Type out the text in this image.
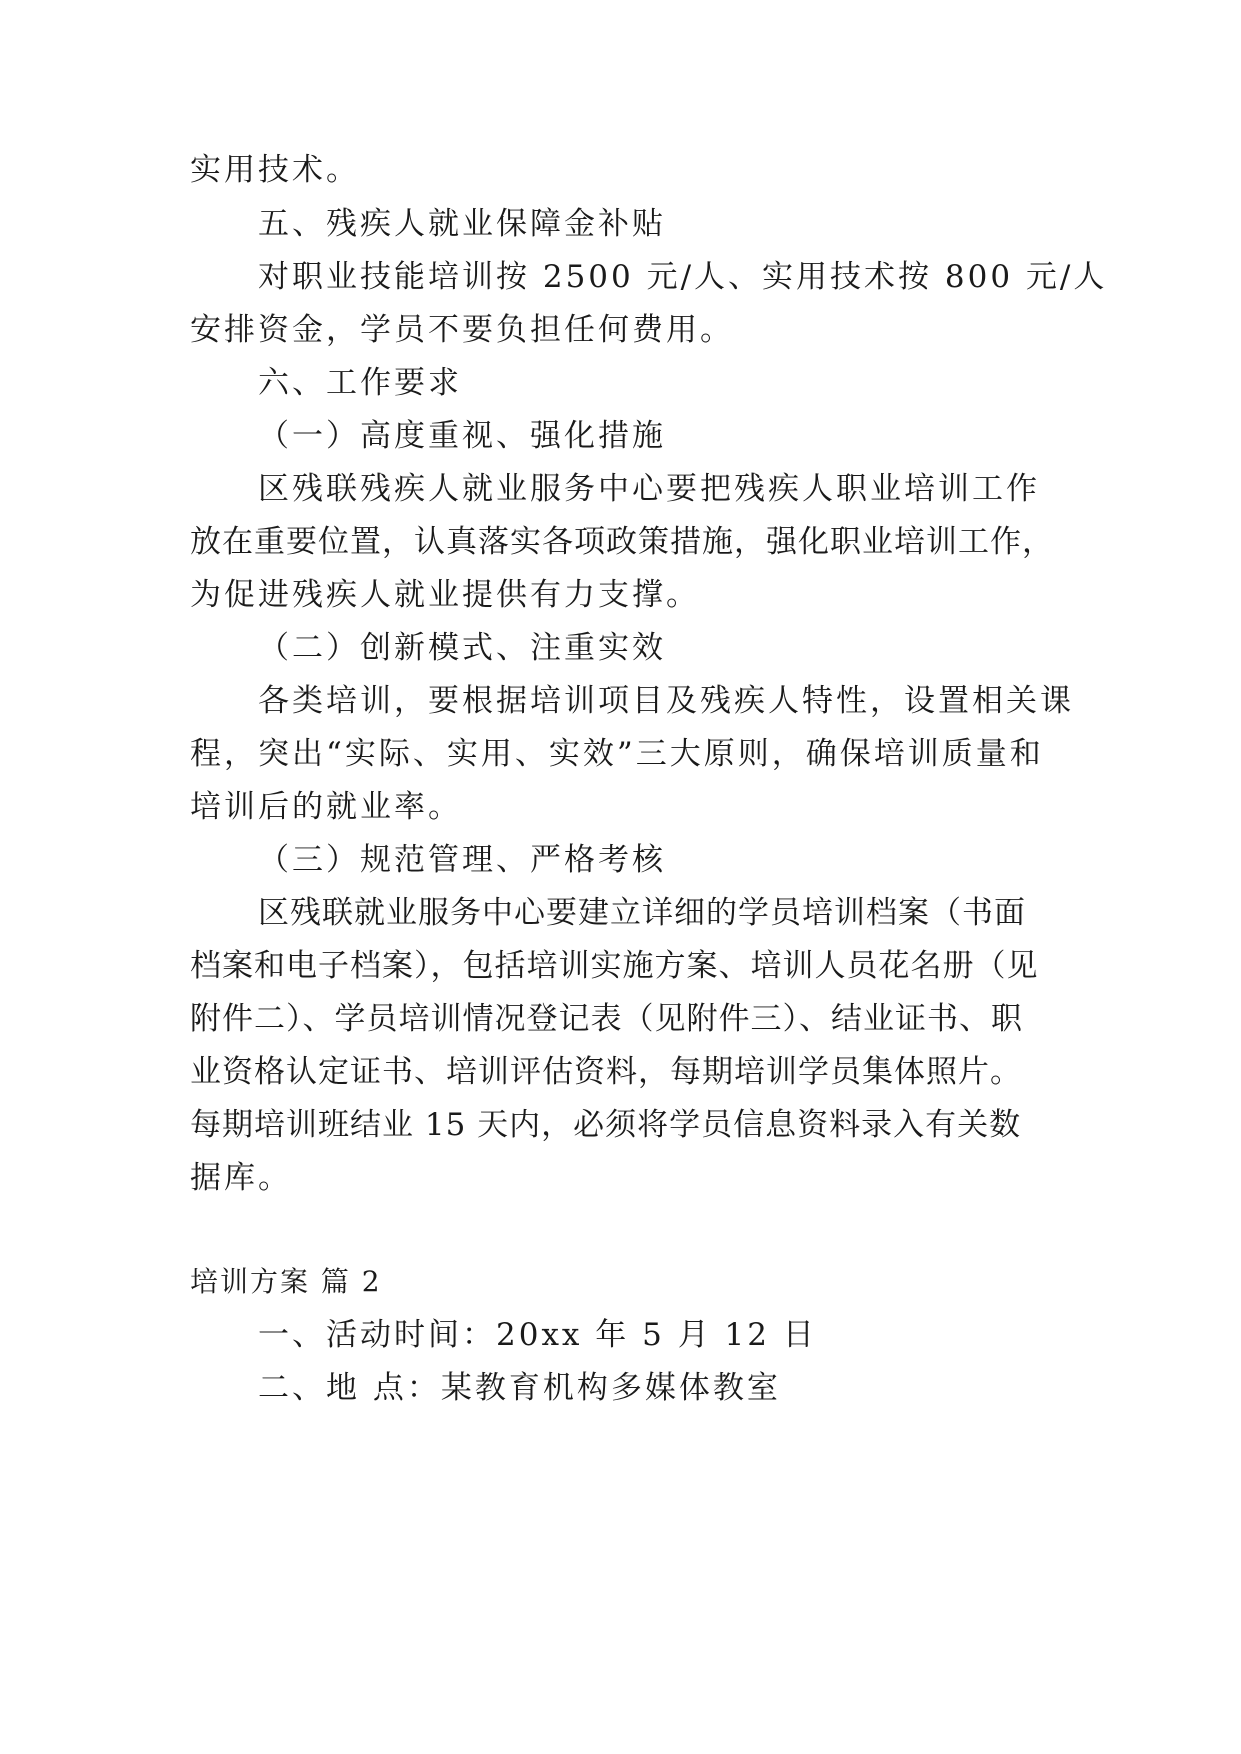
实用技术。
五、残疾人就业保障金补贴
对职业技能培训按 2500 元/人、实用技术按 800 元/人
安排资金，学员不要负担任何费用。
六、工作要求
（一）高度重视、强化措施
区残联残疾人就业服务中心要把残疾人职业培训工作
放在重要位置，认真落实各项政策措施，强化职业培训工作，
为促进残疾人就业提供有力支撑。
（二）创新模式、注重实效
各类培训，要根据培训项目及残疾人特性，设置相关课
程，突出“实际、实用、实效”三大原则，确保培训质量和
培训后的就业率。
（三）规范管理、严格考核
区残联就业服务中心要建立详细的学员培训档案（书面
档案和电子档案），包括培训实施方案、培训人员花名册（见
附件二）、学员培训情况登记表（见附件三）、结业证书、职
业资格认定证书、培训评估资料，每期培训学员集体照片。
每期培训班结业 15 天内，必须将学员信息资料录入有关数
据库。
培训方案 篇 2
一、活动时间：20xx 年 5 月 12 日
二、地 点：某教育机构多媒体教室
